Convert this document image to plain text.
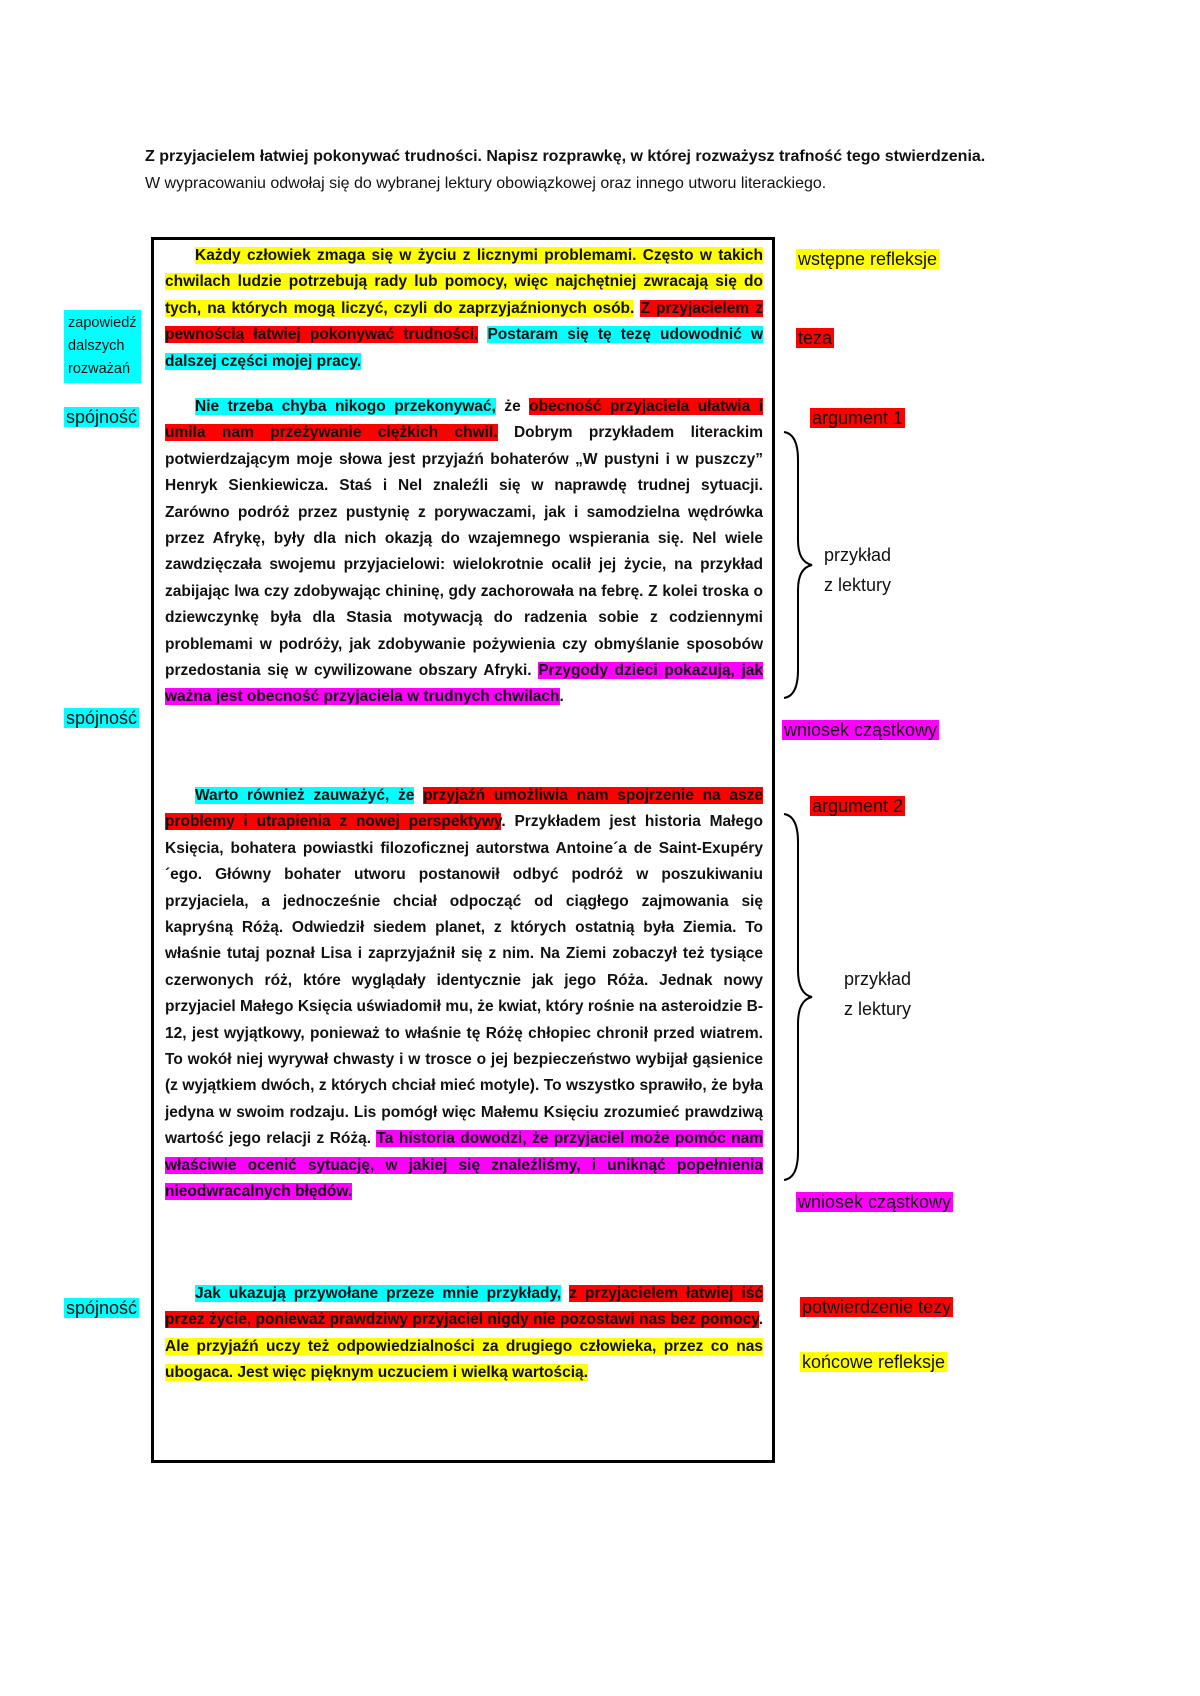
Z przyjacielem łatwiej pokonywać trudności. Napisz rozprawkę, w której rozważysz trafność tego stwierdzenia.
W wypracowaniu odwołaj się do wybranej lektury obowiązkowej oraz innego utworu literackiego.

Każdy człowiek zmaga się w życiu z licznymi problemami. Często w takich chwilach ludzie potrzebują rady lub pomocy, więc najchętniej zwracają się do tych, na których mogą liczyć, czyli do zaprzyjaźnionych osób. Z przyjacielem z pewnością łatwiej pokonywać trudności. Postaram się tę tezę udowodnić w dalszej części mojej pracy.

Nie trzeba chyba nikogo przekonywać, że obecność przyjaciela ułatwia i umila nam przeżywanie ciężkich chwil. Dobrym przykładem literackim potwierdzającym moje słowa jest przyjaźń bohaterów „W pustyni i w puszczy” Henryk Sienkiewicza. Staś i Nel znaleźli się w naprawdę trudnej sytuacji. Zarówno podróż przez pustynię z porywaczami, jak i samodzielna wędrówka przez Afrykę, były dla nich okazją do wzajemnego wspierania się. Nel wiele zawdzięczała swojemu przyjacielowi: wielokrotnie ocalił jej życie, na przykład zabijając lwa czy zdobywając chininę, gdy zachorowała na febrę. Z kolei troska o dziewczynkę była dla Stasia motywacją do radzenia sobie z codziennymi problemami w podróży, jak zdobywanie pożywienia czy obmyślanie sposobów przedostania się w cywilizowane obszary Afryki. Przygody dzieci pokazują, jak ważna jest obecność przyjaciela w trudnych chwilach.

Warto również zauważyć, że przyjaźń umożliwia nam spojrzenie na asze problemy i utrapienia z nowej perspektywy. Przykładem jest historia Małego Księcia, bohatera powiastki filozoficznej autorstwa Antoine´a de Saint-Exupéry´ego. Główny bohater utworu postanowił odbyć podróż w poszukiwaniu przyjaciela, a jednocześnie chciał odpocząć od ciągłego zajmowania się kapryśną Różą. Odwiedził siedem planet, z których ostatnią była Ziemia. To właśnie tutaj poznał Lisa i zaprzyjaźnił się z nim. Na Ziemi zobaczył też tysiące czerwonych róż, które wyglądały identycznie jak jego Róża. Jednak nowy przyjaciel Małego Księcia uświadomił mu, że kwiat, który rośnie na asteroidzie B- 12, jest wyjątkowy, ponieważ to właśnie tę Różę chłopiec chronił przed wiatrem. To wokół niej wyrywał chwasty i w trosce o jej bezpieczeństwo wybijał gąsienice (z wyjątkiem dwóch, z których chciał mieć motyle). To wszystko sprawiło, że była jedyna w swoim rodzaju. Lis pomógł więc Małemu Księciu zrozumieć prawdziwą wartość jego relacji z Różą. Ta historia dowodzi, że przyjaciel może pomóc nam właściwie ocenić sytuację, w jakiej się znaleźliśmy, i uniknąć popełnienia nieodwracalnych błędów.

Jak ukazują przywołane przeze mnie przykłady, z przyjacielem łatwiej iść przez życie, ponieważ prawdziwy przyjaciel nigdy nie pozostawi nas bez pomocy. Ale przyjaźń uczy też odpowiedzialności za drugiego człowieka, przez co nas ubogaca. Jest więc pięknym uczuciem i wielką wartością.

zapowiedź
dalszych
rozważań
spójność
spójność
spójność
wstępne refleksje
teza
argument 1
przykład
z lektury
wniosek cząstkowy
argument 2
przykład
z lektury
wniosek cząstkowy
potwierdzenie tezy
końcowe refleksje
